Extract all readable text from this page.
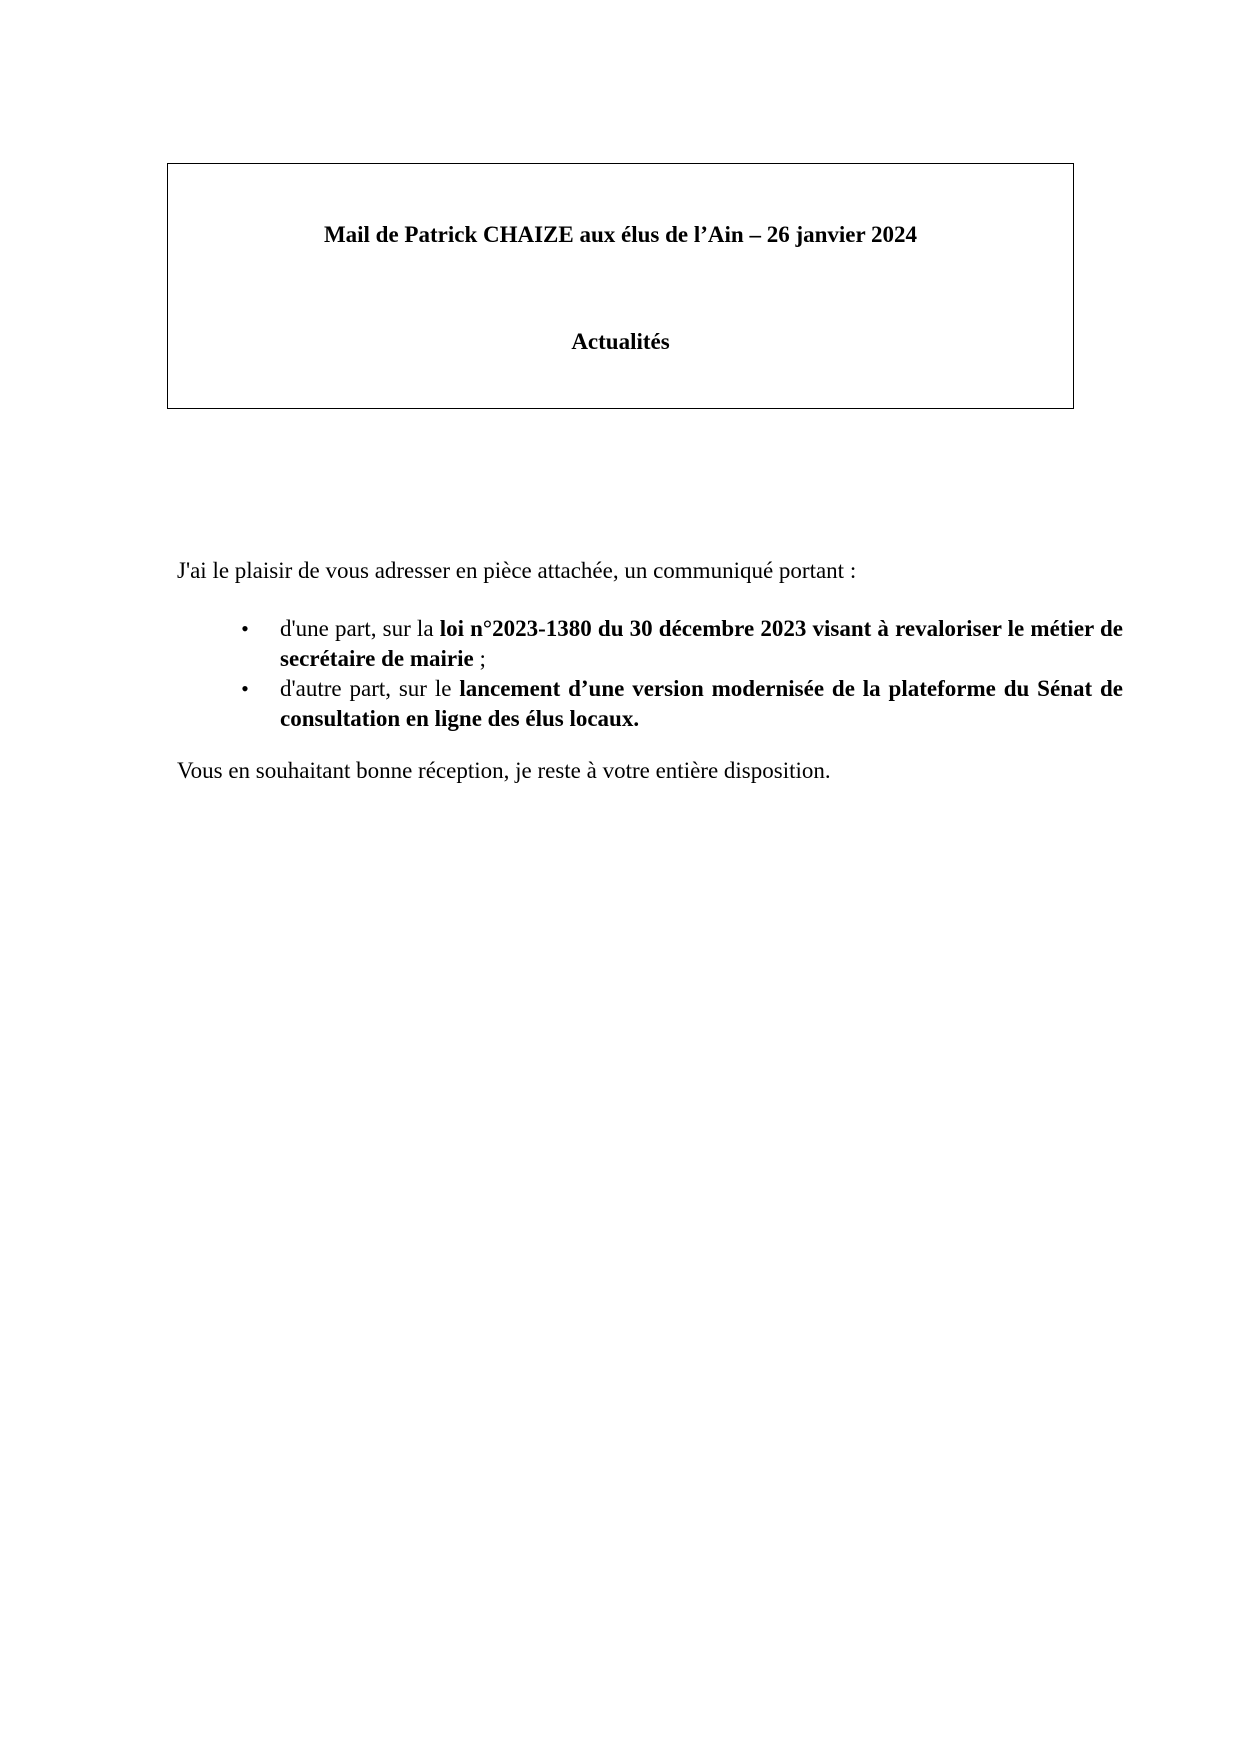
Mail de Patrick CHAIZE aux élus de l’Ain – 26 janvier 2024
Actualités

J'ai le plaisir de vous adresser en pièce attachée, un communiqué portant :

• d'une part, sur la loi n°2023-1380 du 30 décembre 2023 visant à revaloriser le métier de secrétaire de mairie ;
• d'autre part, sur le lancement d’une version modernisée de la plateforme du Sénat de consultation en ligne des élus locaux.

Vous en souhaitant bonne réception, je reste à votre entière disposition.
